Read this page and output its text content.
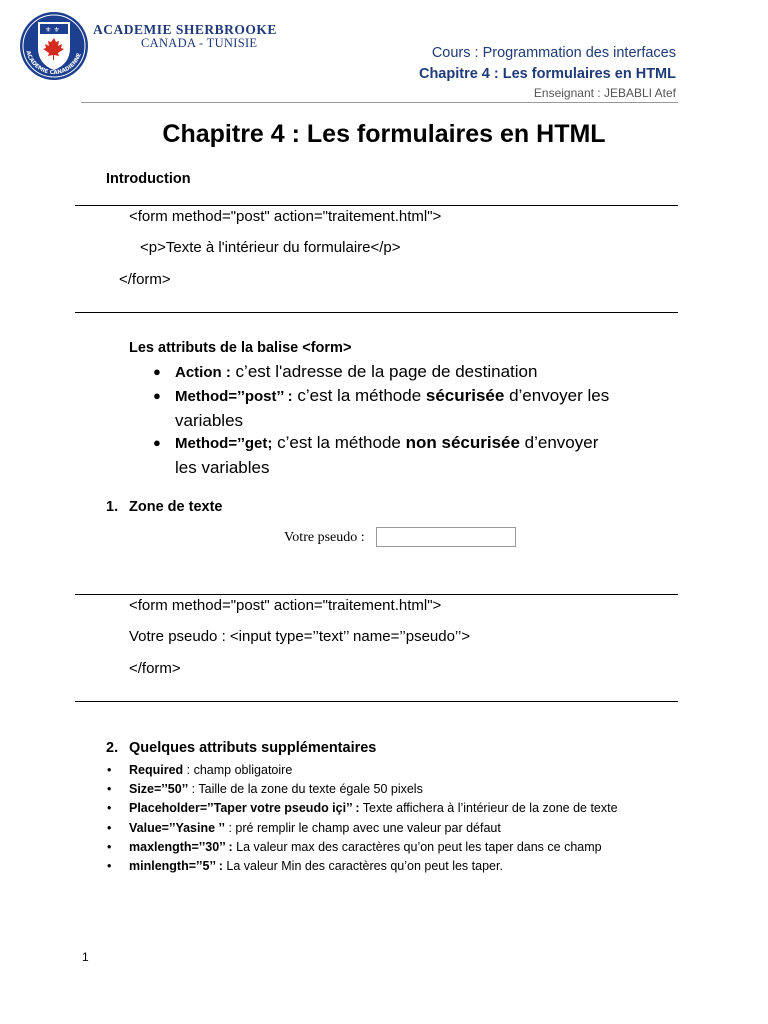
⚜ ⚜
ACADEMIE CANADIENNE
ACADEMIE SHERBROOKE
CANADA - TUNISIE
Cours : Programmation des interfaces
Chapitre 4 : Les formulaires en HTML
Enseignant : JEBABLI Atef
Chapitre 4 : Les formulaires en HTML
Introduction
<form method="post" action="traitement.html">
<p>Texte à l'intérieur du formulaire</p>
</form>
Les attributs de la balise <form>
● Action : c’est l'adresse de la page de destination
● Method=’’post’’ : c’est la méthode sécurisée d’envoyer les
variables
● Method=’’get; c’est la méthode non sécurisée d’envoyer
les variables
1. Zone de texte
Votre pseudo :
<form method="post" action="traitement.html">
Votre pseudo : <input type=’’text’’ name=’’pseudo’’>
</form>
2. Quelques attributs supplémentaires
• Required : champ obligatoire
• Size=’’50’’ : Taille de la zone du texte égale 50 pixels
• Placeholder=’’Taper votre pseudo içi’’ : Texte affichera à l’intérieur de la zone de texte
• Value=’’Yasine ’’ : pré remplir le champ avec une valeur par défaut
• maxlength=’’30’’ : La valeur max des caractères qu’on peut les taper dans ce champ
• minlength=’’5’’ : La valeur Min des caractères qu’on peut les taper.
1
